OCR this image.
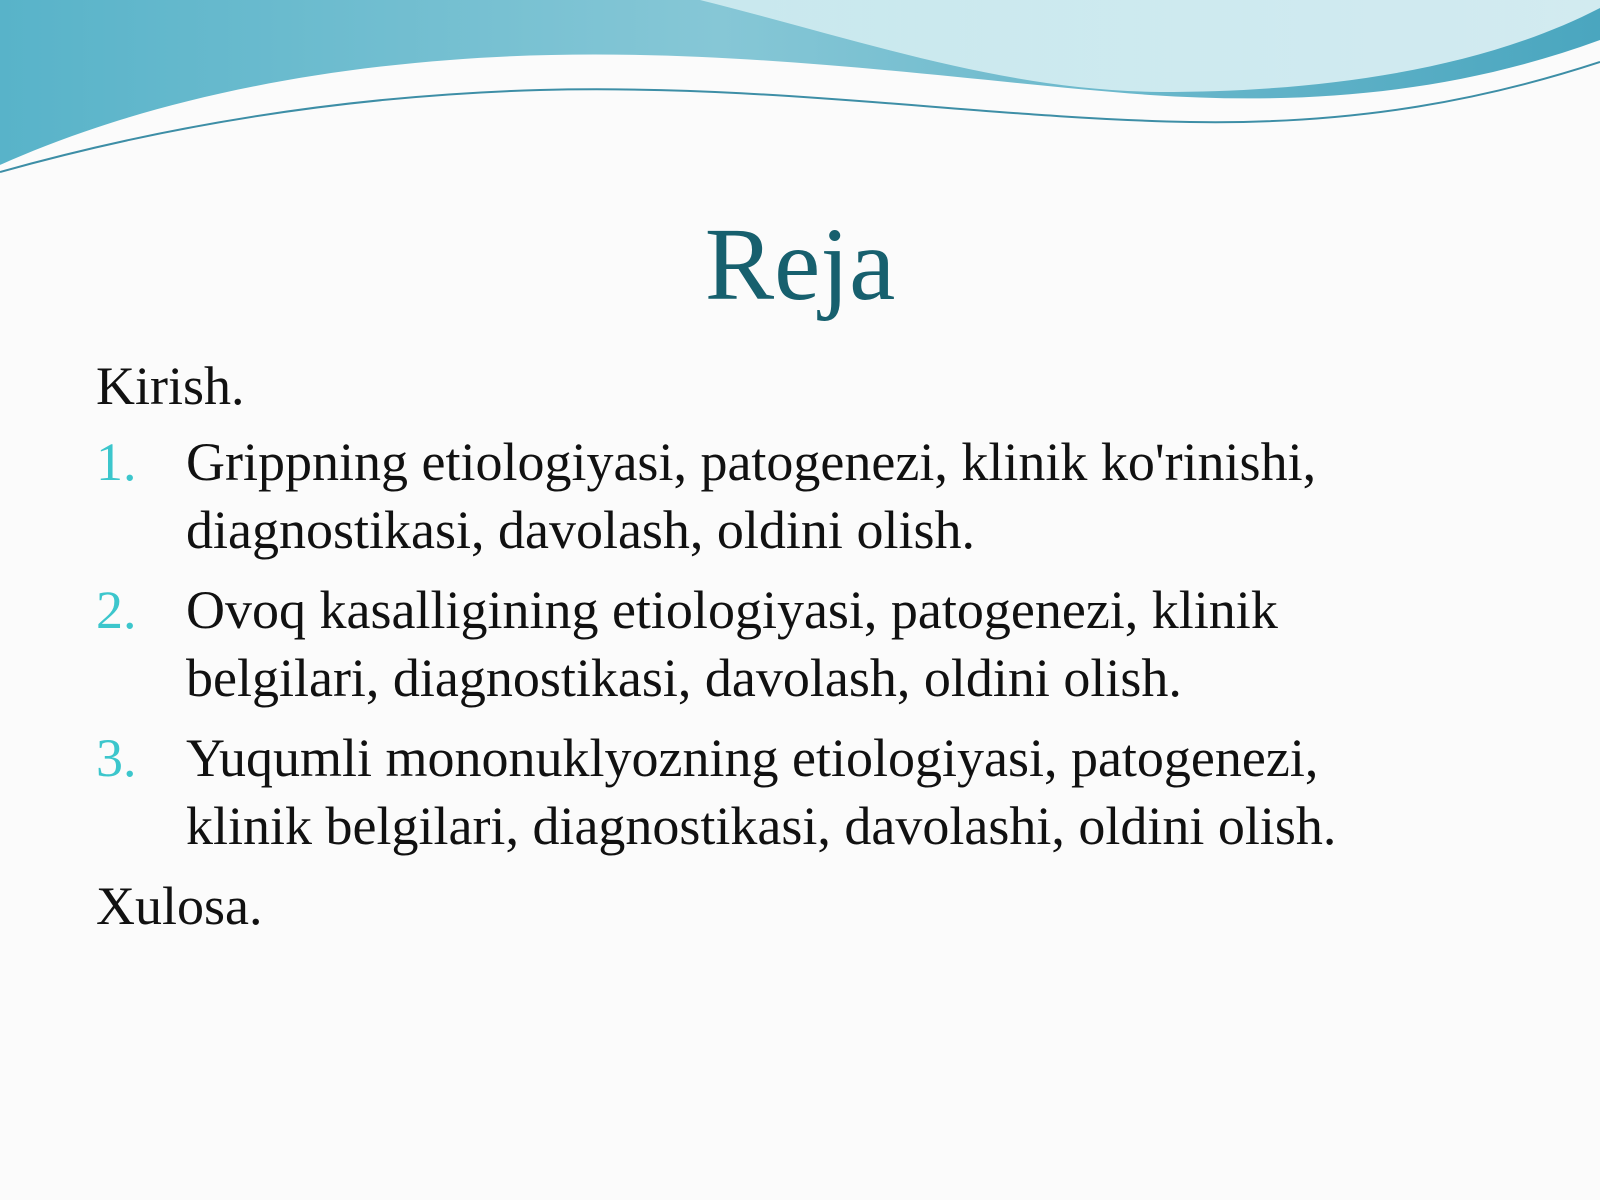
Reja

Kirish.

1. Grippning etiologiyasi, patogenezi, klinik ko'rinishi,
diagnostikasi, davolash, oldini olish.
2. Ovoq kasalligining etiologiyasi, patogenezi, klinik
belgilari, diagnostikasi, davolash, oldini olish.
3. Yuqumli mononuklyozning etiologiyasi, patogenezi,
klinik belgilari, diagnostikasi, davolashi, oldini olish.

Xulosa.
